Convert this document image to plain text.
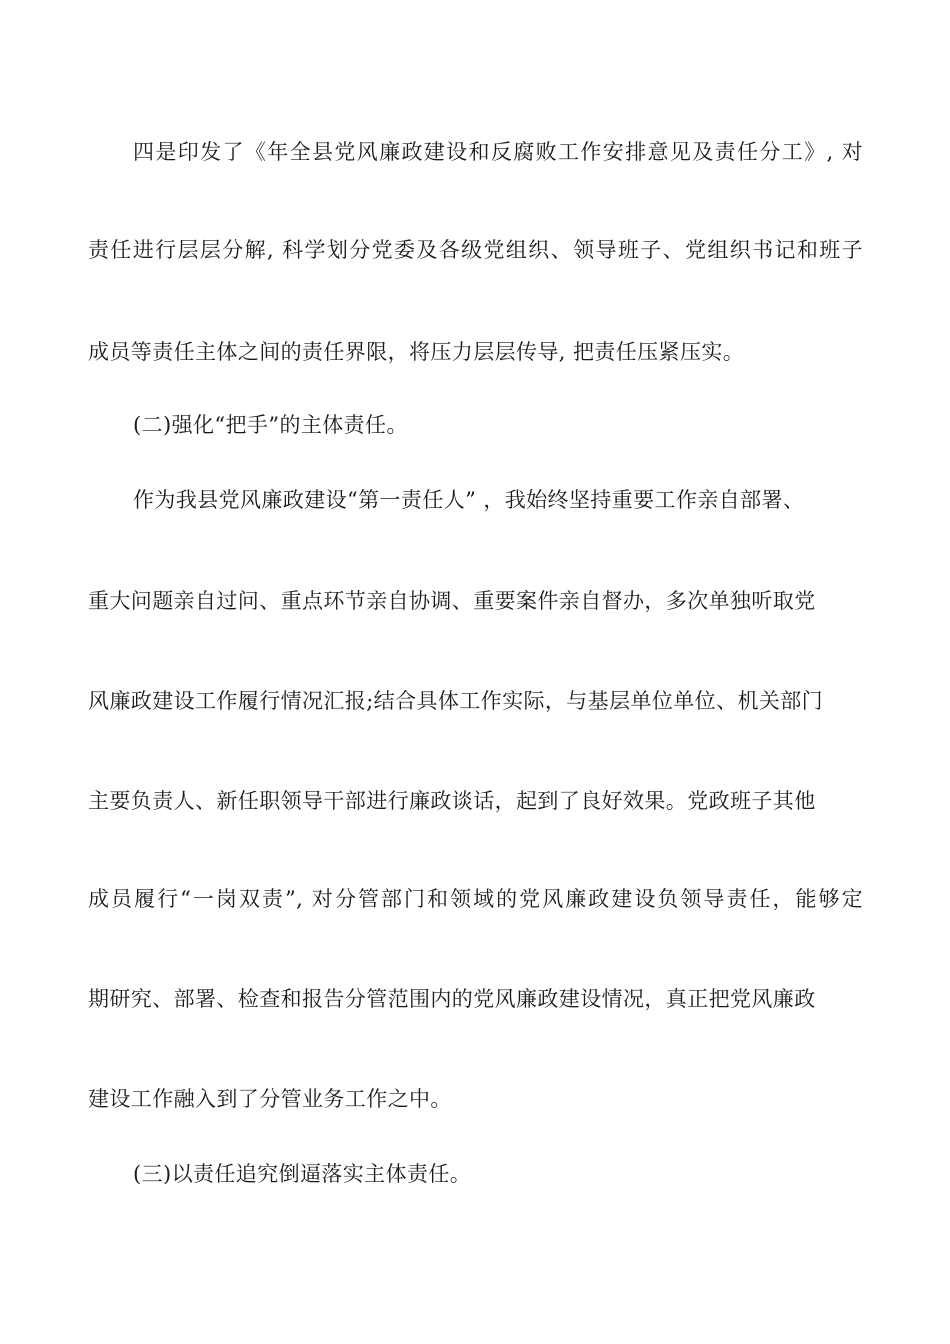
四是印发了《年全县党风廉政建设和反腐败工作安排意见及责任分工》, 对
责任进行层层分解, 科学划分党委及各级党组织、领导班子、党组织书记和班子
成员等责任主体之间的责任界限，将压力层层传导, 把责任压紧压实。
(二)强化“把手”的主体责任。
作为我县党风廉政建设“第一责任人” ，我始终坚持重要工作亲自部署、
重大问题亲自过问、重点环节亲自协调、重要案件亲自督办，多次单独听取党
风廉政建设工作履行情况汇报;结合具体工作实际，与基层单位单位、机关部门
主要负责人、新任职领导干部进行廉政谈话，起到了良好效果。党政班子其他
成员履行“一岗双责”, 对分管部门和领域的党风廉政建设负领导责任，能够定
期研究、部署、检查和报告分管范围内的党风廉政建设情况，真正把党风廉政
建设工作融入到了分管业务工作之中。
(三)以责任追究倒逼落实主体责任。
